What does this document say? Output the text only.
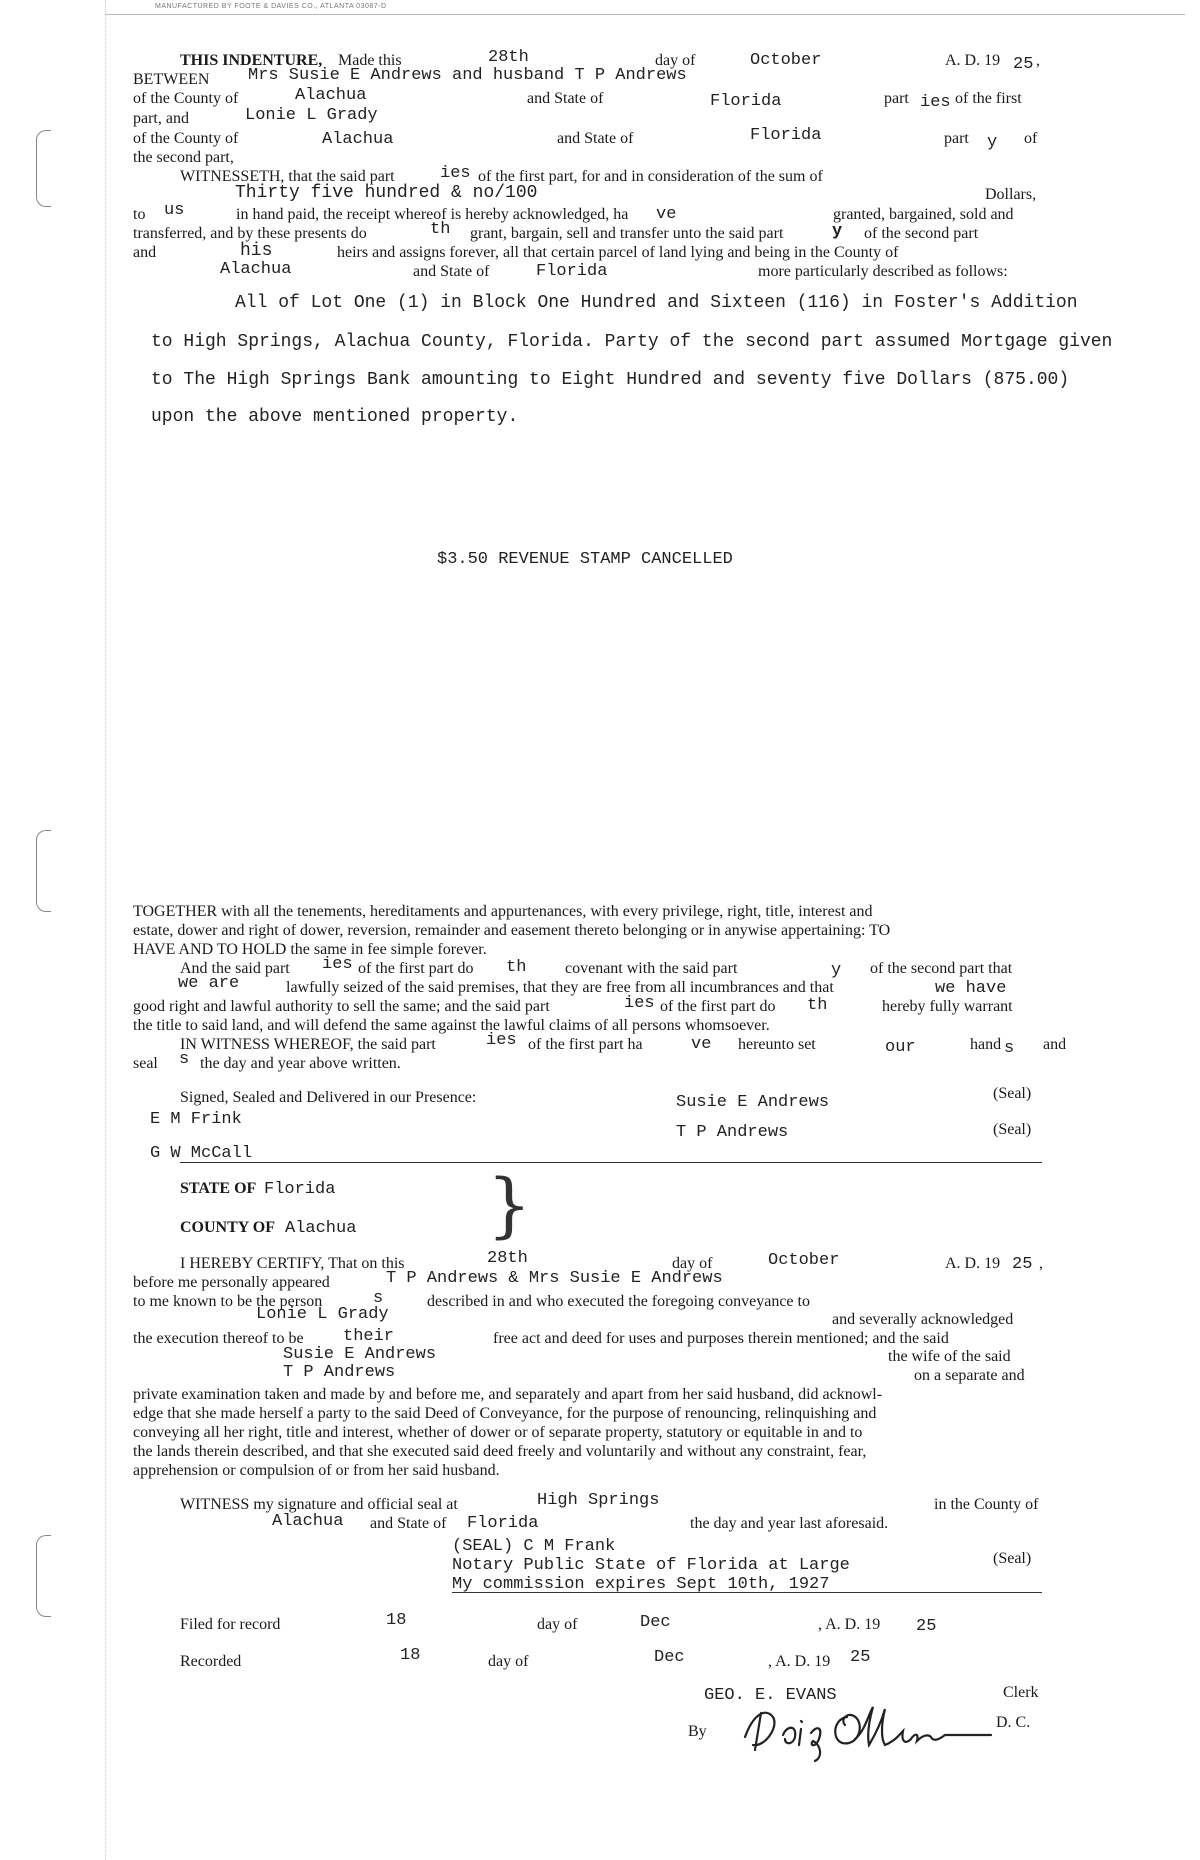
MANUFACTURED BY FOOTE & DAVIES CO., ATLANTA 03087-D
THIS INDENTURE, Made this	28th	day of	October	A. D. 19 25 ,
BETWEEN Mrs Susie E Andrews and husband T P Andrews
of the County of	Alachua	and State of	Florida	part ies of the first
part, and	Lonie L Grady
of the County of	Alachua	and State of	Florida	part y of
the second part,
WITNESSETH, that the said part	ies of the first part, for and in consideration of the sum of
Thirty five hundred & no/100	Dollars,
to us	in hand paid, the receipt whereof is hereby acknowledged, ha ve	granted, bargained, sold and
transferred, and by these presents do	th grant, bargain, sell and transfer unto the said part	y of the second part
and	his	heirs and assigns forever, all that certain parcel of land lying and being in the County of
Alachua	and State of	Florida	more particularly described as follows:
All of Lot One (1) in Block One Hundred and Sixteen (116) in Foster's Addition
to High Springs, Alachua County, Florida. Party of the second part assumed Mortgage given
to The High Springs Bank amounting to Eight Hundred and seventy five Dollars (875.00)
upon the above mentioned property.
$3.50 REVENUE STAMP CANCELLED
TOGETHER with all the tenements, hereditaments and appurtenances, with every privilege, right, title, interest and
estate, dower and right of dower, reversion, remainder and easement thereto belonging or in anywise appertaining: TO
HAVE AND TO HOLD the same in fee simple forever.
And the said part ies of the first part do th covenant with the said part	y of the second part that
we are	lawfully seized of the said premises, that they are free from all incumbrances and that	we have
good right and lawful authority to sell the same; and the said part	ies of the first part do th	hereby fully warrant
the title to said land, and will defend the same against the lawful claims of all persons whomsoever.
IN WITNESS WHEREOF, the said part	ies of the first part ha	ve hereunto set	our	hand s and
seal s the day and year above written.
Signed, Sealed and Delivered in our Presence:
E M Frink
G W McCall
Susie E Andrews
T P Andrews
(Seal)
(Seal)
STATE OF Florida
COUNTY OF Alachua }
I HEREBY CERTIFY, That on this	28th	day of	October	A. D. 19 25 ,
before me personally appeared	T P Andrews & Mrs Susie E Andrews
to me known to be the person	s	described in and who executed the foregoing conveyance to
Lonie L Grady	and severally acknowledged
the execution thereof to be their	free act and deed for uses and purposes therein mentioned; and the said
Susie E Andrews	the wife of the said
T P Andrews	on a separate and
private examination taken and made by and before me, and separately and apart from her said husband, did acknowl-
edge that she made herself a party to the said Deed of Conveyance, for the purpose of renouncing, relinquishing and
conveying all her right, title and interest, whether of dower or of separate property, statutory or equitable in and to
the lands therein described, and that she executed said deed freely and voluntarily and without any constraint, fear,
apprehension or compulsion of or from her said husband.
WITNESS my signature and official seal at	High Springs	in the County of
Alachua and State of Florida	the day and year last aforesaid.
(SEAL) C M Frank
Notary Public State of Florida at Large
My commission expires Sept 10th, 1927
(Seal)
Filed for record	18	day of	Dec	, A. D. 19 25
Recorded	18	day of	Dec	, A. D. 19 25
GEO. E. EVANS	Clerk
By
D. C.
